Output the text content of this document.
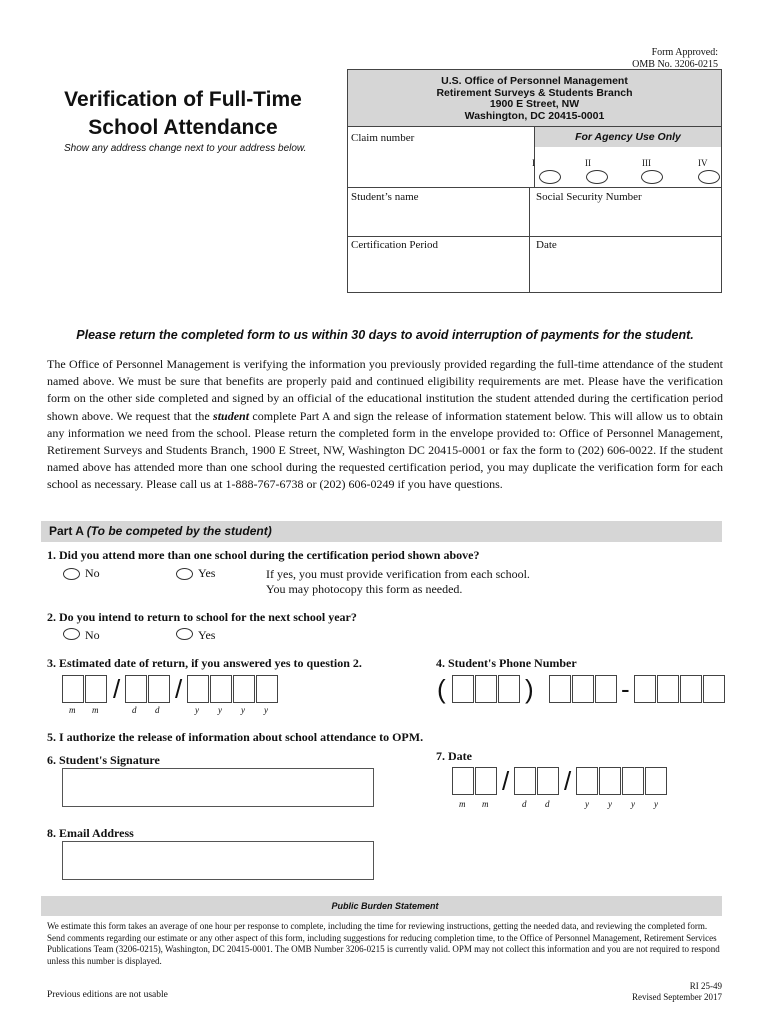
Form Approved:
OMB No. 3206-0215
Verification of Full-Time
School Attendance
Show any address change next to your address below.
U.S. Office of Personnel Management
Retirement Surveys & Students Branch
1900 E Street, NW
Washington, DC 20415-0001
Claim number	For Agency Use Only
I	II	III	IV
Student’s name	Social Security Number
Certification Period	Date
Please return the completed form to us within 30 days to avoid interruption of payments for the student.
The Office of Personnel Management is verifying the information you previously provided regarding the full-time attendance of the student named above. We must be sure that benefits are properly paid and continued eligibility requirements are met. Please have the verification form on the other side completed and signed by an official of the educational institution the student attended during the certification period shown above. We request that the student complete Part A and sign the release of information statement below. This will allow us to obtain any information we need from the school. Please return the completed form in the envelope provided to: Office of Personnel Management, Retirement Surveys and Students Branch, 1900 E Street, NW, Washington DC 20415-0001 or fax the form to (202) 606-0022. If the student named above has attended more than one school during the requested certification period, you may duplicate the verification form for each school as necessary. Please call us at 1-888-767-6738 or (202) 606-0249 if you have questions.
Part A (To be competed by the student)
1. Did you attend more than one school during the certification period shown above?
No	Yes	If yes, you must provide verification from each school.
You may photocopy this form as needed.
2. Do you intend to return to school for the next school year?
No	Yes
3. Estimated date of return, if you answered yes to question 2.
/ /
m m	d d	y y y y
4. Student's Phone Number
(	)	-
5. I authorize the release of information about school attendance to OPM.
6. Student's Signature	7. Date
/ /
m m	d d	y y y y
8. Email Address
Public Burden Statement
We estimate this form takes an average of one hour per response to complete, including the time for reviewing instructions, getting the needed data, and reviewing the completed form. Send comments regarding our estimate or any other aspect of this form, including suggestions for reducing completion time, to the Office of Personnel Management, Retirement Services Publications Team (3206-0215), Washington, DC 20415-0001. The OMB Number 3206-0215 is currently valid. OPM may not collect this information and you are not required to respond unless this number is displayed.
Previous editions are not usable
RI 25-49
Revised September 2017
